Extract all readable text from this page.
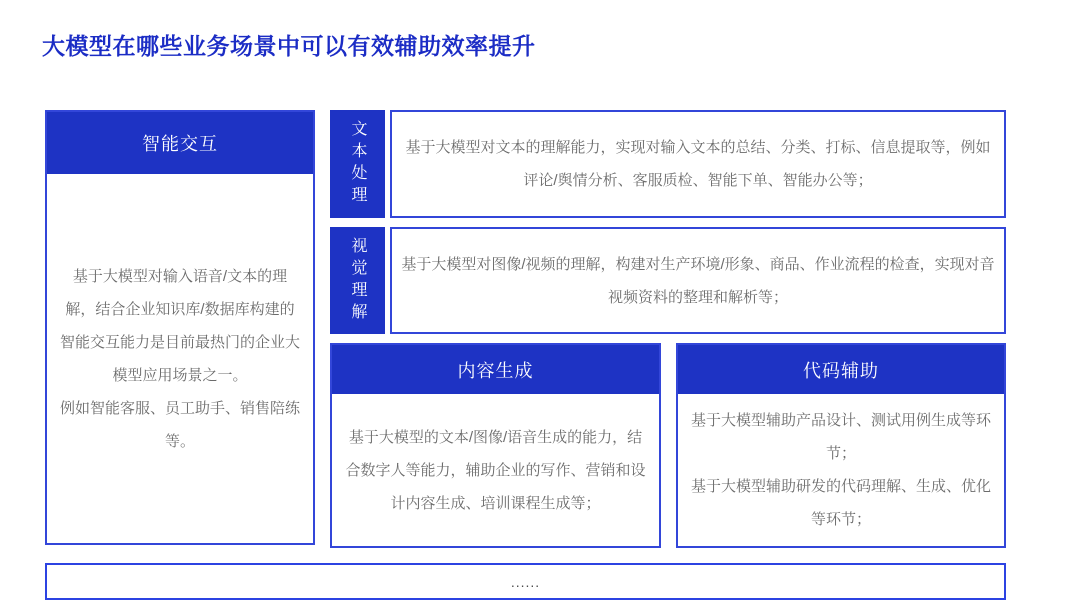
大模型在哪些业务场景中可以有效辅助效率提升
智能交互
基于大模型对输入语音/文本的理解，结合企业知识库/数据库构建的智能交互能力是目前最热门的企业大模型应用场景之一。
例如智能客服、员工助手、销售陪练等。
文本处理	基于大模型对文本的理解能力，实现对输入文本的总结、分类、打标、信息提取等，例如评论/舆情分析、客服质检、智能下单、智能办公等；
视觉理解	基于大模型对图像/视频的理解，构建对生产环境/形象、商品、作业流程的检查，实现对音视频资料的整理和解析等；
内容生成
基于大模型的文本/图像/语音生成的能力，结合数字人等能力，辅助企业的写作、营销和设计内容生成、培训课程生成等；
代码辅助
基于大模型辅助产品设计、测试用例生成等环节；
基于大模型辅助研发的代码理解、生成、优化等环节；
......
